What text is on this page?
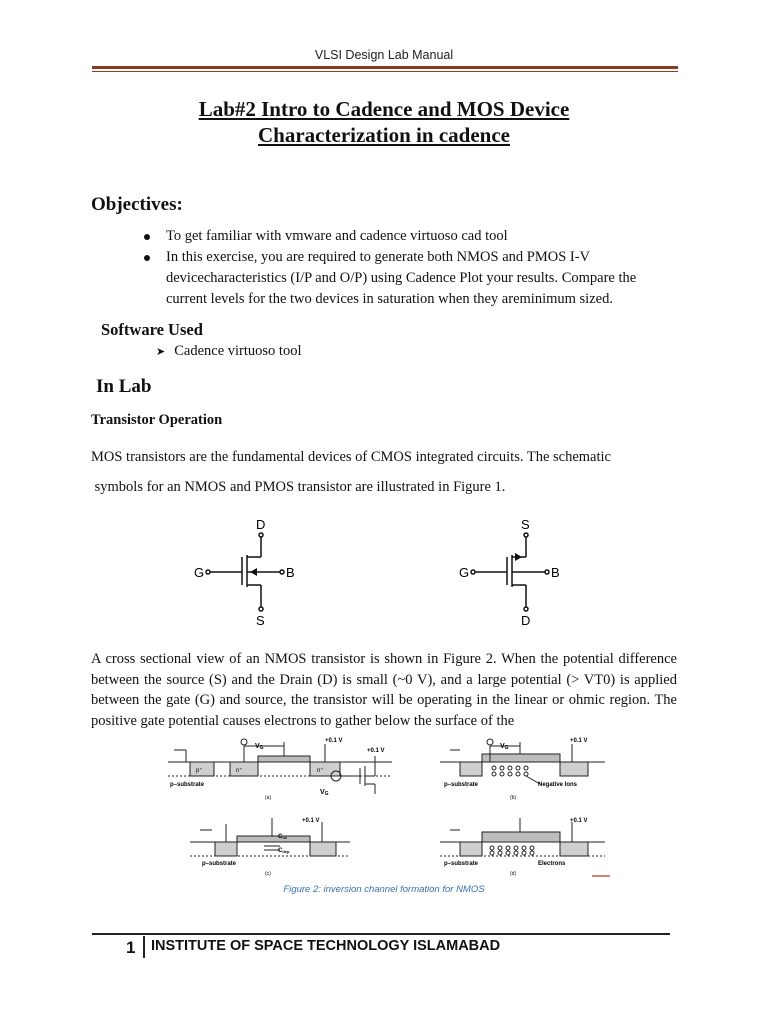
VLSI Design Lab Manual
Lab#2 Intro to Cadence and MOS Device
Characterization in cadence
Objectives:
To get familiar with vmware and cadence virtuoso cad tool
In this exercise, you are required to generate both NMOS and PMOS I-V devicecharacteristics (I/P and O/P) using Cadence Plot your results. Compare the current levels for the two devices in saturation when they areminimum sized.
Software Used
➤ Cadence virtuoso tool
In Lab
Transistor Operation
MOS transistors are the fundamental devices of CMOS integrated circuits. The schematic
symbols for an NMOS and PMOS transistor are illustrated in Figure 1.
D
G	B
S
S
G	B
D
A cross sectional view of an NMOS transistor is shown in Figure 2. When the potential difference between the source (S) and the Drain (D) is small (~0 V), and a large potential (> VT0) is applied between the gate (G) and source, the transistor will be operating in the linear or ohmic region. The positive gate potential causes electrons to gather below the surface of the
+0.1 V
VG
p⁺	n⁺	n⁺
p–substrate
(a)
+0.1 V
VG
+0.1 V
VG
p–substrate	Negative Ions
(b)
+0.1 V
Cox
Cdep
p–substrate
(c)
+0.1 V
p–substrate	Electrons
(d)
Figure 2: inversion channel formation for NMOS
1 INSTITUTE OF SPACE TECHNOLOGY ISLAMABAD
